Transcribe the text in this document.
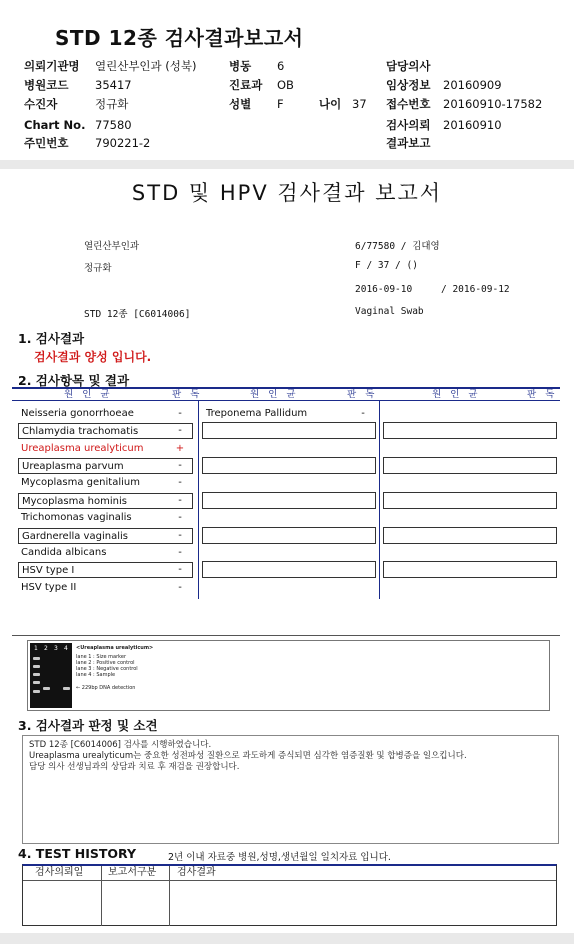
STD 12종 검사결과보고서
의뢰기관명 열린산부인과 (성북)	병동 6	담당의사
병원코드 35417	진료과 OB	임상정보 20160909
수진자	정규화	성별 F	나이 37 접수번호 20160910-17582
Chart No. 77580	검사의뢰 20160910
주민번호 790221-2	결과보고
STD 및 HPV 검사결과 보고서
열린산부인과	6/77580 / 김대영
정규화	F / 37 / ()
2016-09-10	/ 2016-09-12
STD 12종 [C6014006]	Vaginal Swab
1. 검사결과
검사결과 양성 입니다.
2. 검사항목 및 결과
원 인 균	판 독	원 인 균	판 독	원 인 균	판 독
Neisseria gonorrhoeae	-
Chlamydia trachomatis	-
Ureaplasma urealyticum	+
Ureaplasma parvum	-
Mycoplasma genitalium	-
Mycoplasma hominis	-
Trichomonas vaginalis	-
Gardnerella vaginalis	-
Candida albicans	-
HSV type I	-
HSV type II	-
Treponema Pallidum	-
1 2 3 4 <Ureaplasma urealyticum>
lane 1 : Size marker
lane 2 : Positive control
lane 3 : Negative control
lane 4 : Sample
← 229bp DNA detection
3. 검사결과 판정 및 소견
STD 12종 [C6014006] 검사를 시행하였습니다.
Ureaplasma urealyticum는 중요한 성전파성 질환으로 과도하게 증식되면 심각한 염증질환 및 합병증을 일으킵니다.
담당 의사 선생님과의 상담과 치료 후 재검을 권장합니다.
4. TEST HISTORY	2년 이내 자료중 병원,성명,생년월일 일치자료 입니다.
검사의뢰일 보고서구분 검사결과
